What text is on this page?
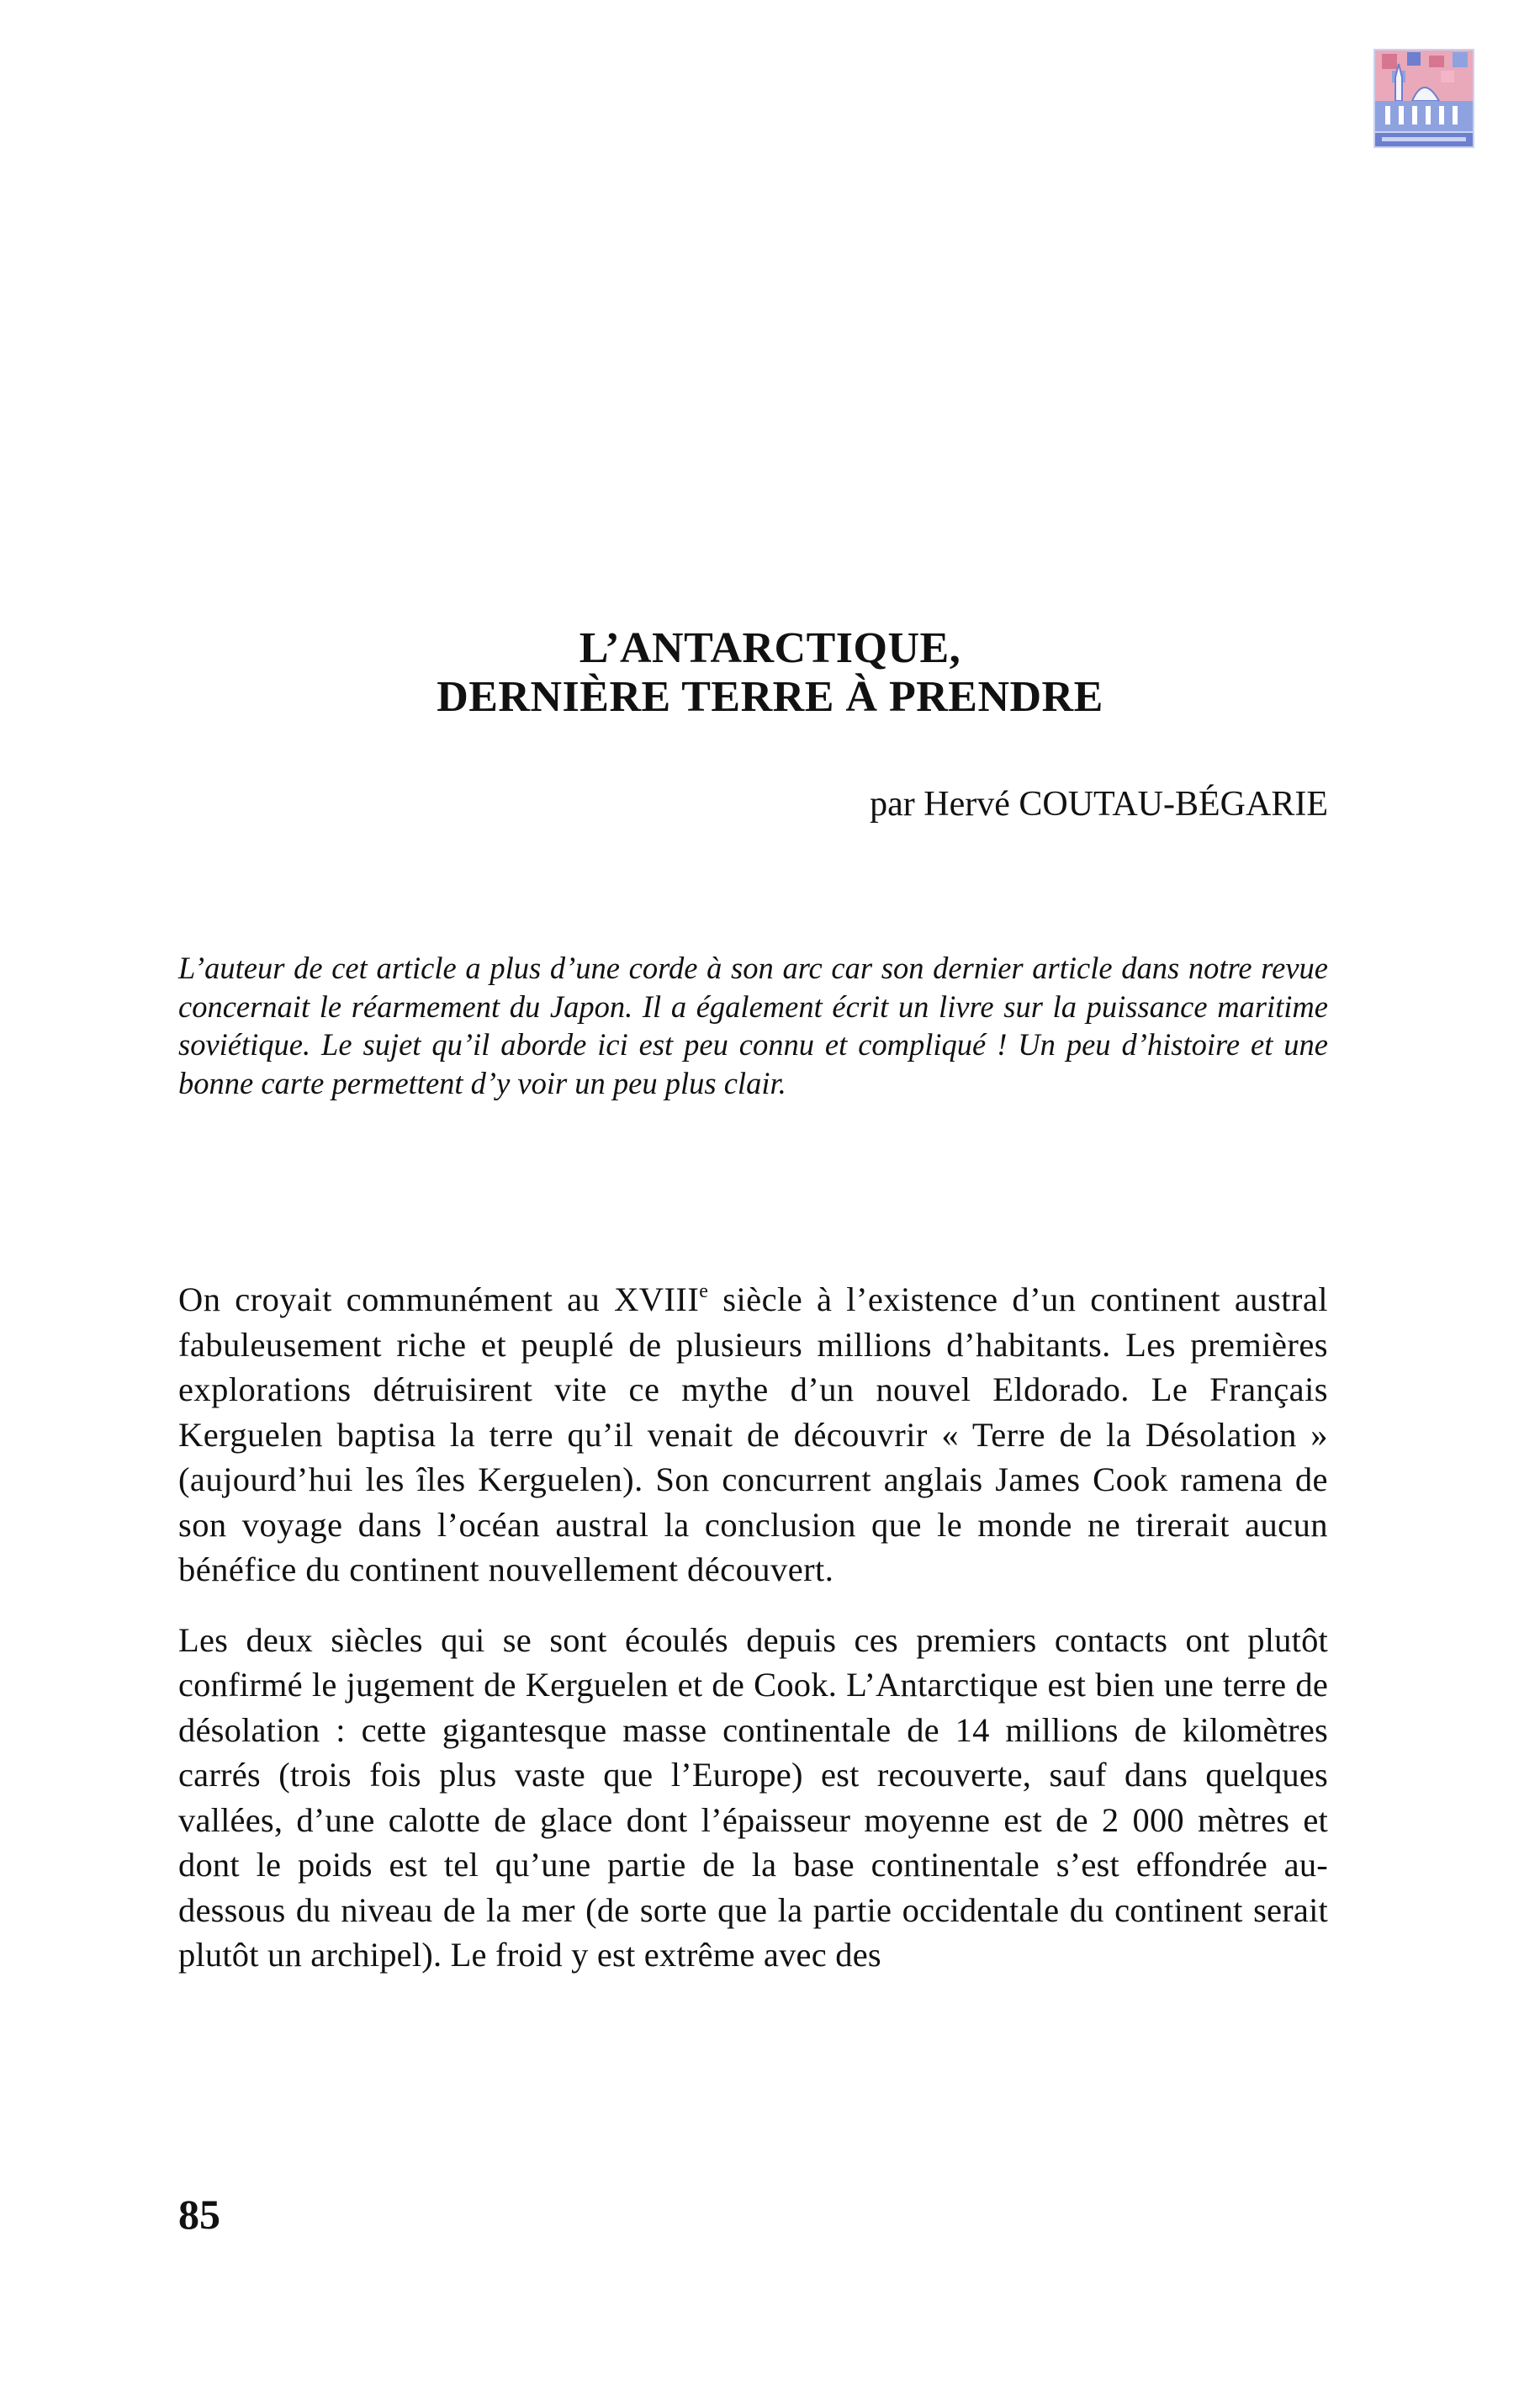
L’ANTARCTIQUE,
DERNIÈRE TERRE À PRENDRE
par Hervé COUTAU-BÉGARIE

L’auteur de cet article a plus d’une corde à son arc car son dernier article dans notre revue concernait le réarmement du Japon. Il a également écrit un livre sur la puissance maritime soviétique. Le sujet qu’il aborde ici est peu connu et compliqué ! Un peu d’histoire et une bonne carte permettent d’y voir un peu plus clair.

On croyait communément au XVIIIe siècle à l’existence d’un continent austral fabuleusement riche et peuplé de plusieurs millions d’habitants. Les premières explorations détruisirent vite ce mythe d’un nouvel Eldorado. Le Français Kerguelen baptisa la terre qu’il venait de découvrir « Terre de la Désolation » (aujourd’hui les îles Kerguelen). Son concurrent anglais James Cook ramena de son voyage dans l’océan austral la conclusion que le monde ne tirerait aucun bénéfice du continent nouvellement découvert.

Les deux siècles qui se sont écoulés depuis ces premiers contacts ont plutôt confirmé le jugement de Kerguelen et de Cook. L’Antarctique est bien une terre de désolation : cette gigantesque masse continentale de 14 millions de kilomètres carrés (trois fois plus vaste que l’Europe) est recouverte, sauf dans quelques vallées, d’une calotte de glace dont l’épaisseur moyenne est de 2 000 mètres et dont le poids est tel qu’une partie de la base continentale s’est effondrée au-dessous du niveau de la mer (de sorte que la partie occidentale du continent serait plutôt un archipel). Le froid y est extrême avec des

85
